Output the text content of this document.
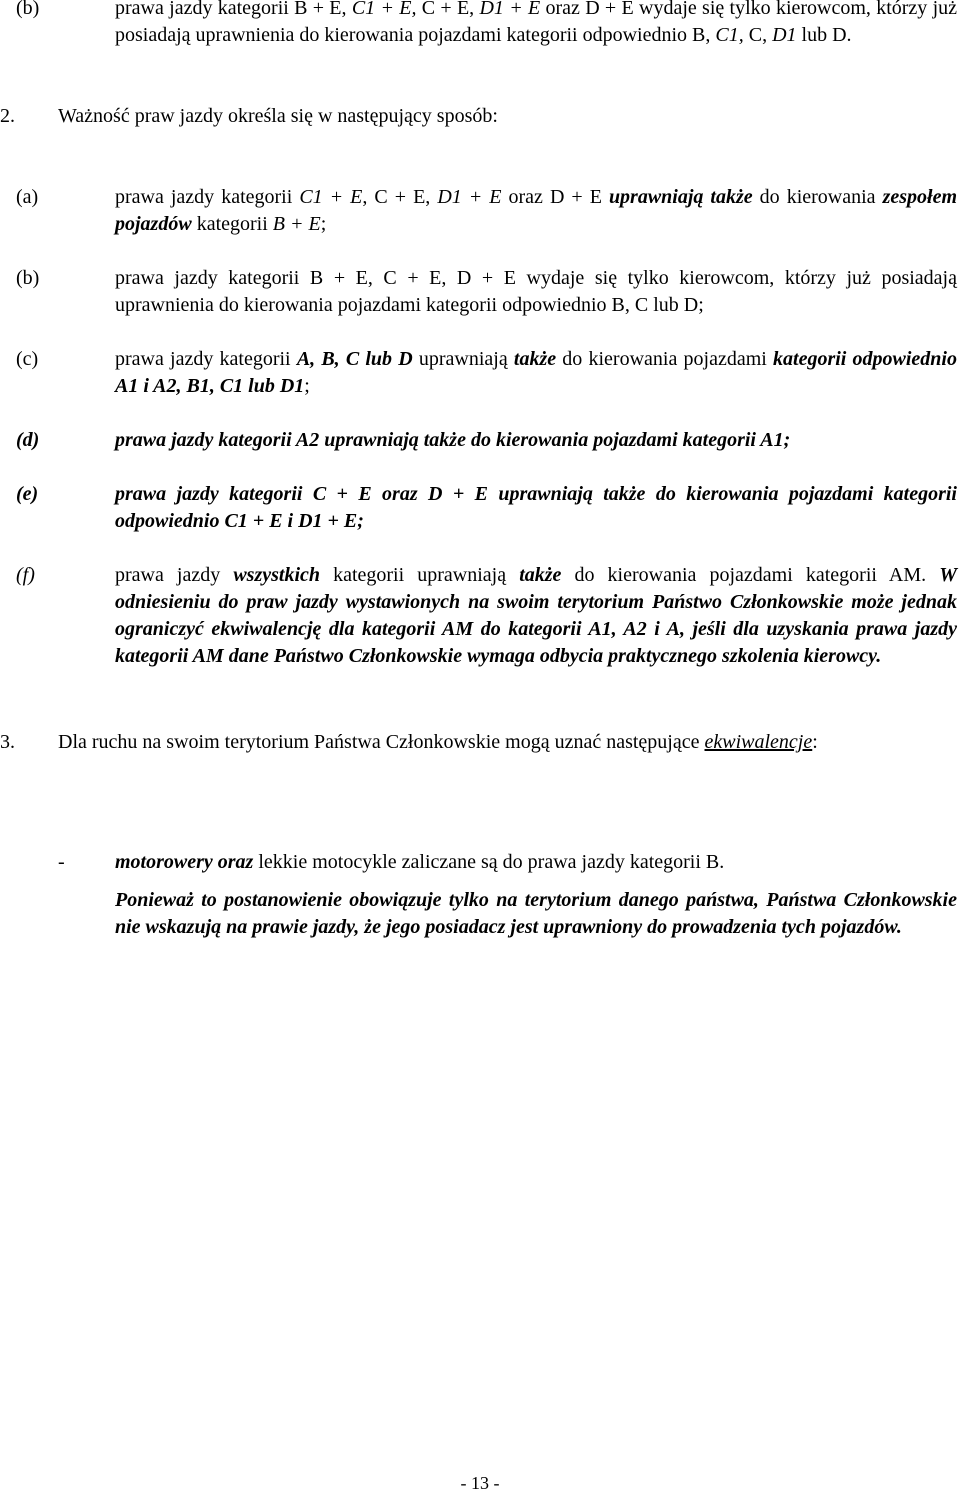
(b)	prawa jazdy kategorii B + E, C1 + E, C + E, D1 + E oraz D + E wydaje się tylko kierowcom, którzy już posiadają uprawnienia do kierowania pojazdami kategorii odpowiednio B, C1, C, D1 lub D.
2. Ważność praw jazdy określa się w następujący sposób:
(a)	prawa jazdy kategorii C1 + E, C + E, D1 + E oraz D + E uprawniają także do kierowania zespołem pojazdów kategorii B + E;
(b)	prawa jazdy kategorii B + E, C + E, D + E wydaje się tylko kierowcom, którzy już posiadają uprawnienia do kierowania pojazdami kategorii odpowiednio B, C lub D;
(c)	prawa jazdy kategorii A, B, C lub D uprawniają także do kierowania pojazdami kategorii odpowiednio A1 i A2, B1, C1 lub D1;
(d)	prawa jazdy kategorii A2 uprawniają także do kierowania pojazdami kategorii A1;
(e)	prawa jazdy kategorii C + E oraz D + E uprawniają także do kierowania pojazdami kategorii odpowiednio C1 + E i D1 + E;
(f)	prawa jazdy wszystkich kategorii uprawniają także do kierowania pojazdami kategorii AM. W odniesieniu do praw jazdy wystawionych na swoim terytorium Państwo Członkowskie może jednak ograniczyć ekwiwalencję dla kategorii AM do kategorii A1, A2 i A, jeśli dla uzyskania prawa jazdy kategorii AM dane Państwo Członkowskie wymaga odbycia praktycznego szkolenia kierowcy.
3. Dla ruchu na swoim terytorium Państwa Członkowskie mogą uznać następujące ekwiwalencje:
-	motorowery oraz lekkie motocykle zaliczane są do prawa jazdy kategorii B.
Ponieważ to postanowienie obowiązuje tylko na terytorium danego państwa, Państwa Członkowskie nie wskazują na prawie jazdy, że jego posiadacz jest uprawniony do prowadzenia tych pojazdów.
- 13 -
